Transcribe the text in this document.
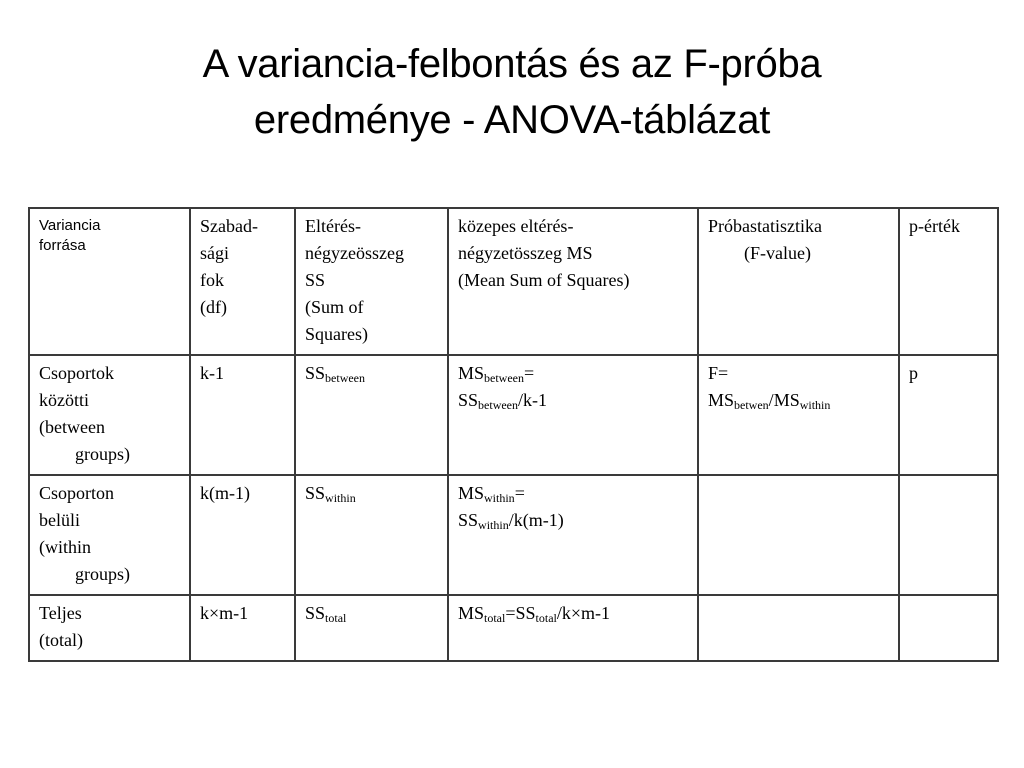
A variancia-felbontás és az F-próba
eredménye - ANOVA-táblázat
Variancia
forrása	Szabad-
sági
fok
(df)	Eltérés-
négyzeösszeg
SS
(Sum of
Squares)	közepes eltérés-
négyzetösszeg MS
(Mean Sum of Squares)	Próbastatisztika
(F-value)	p-érték

Csoportok
közötti
(between
groups)	k-1	$SS_{between}$	$MS_{between}=$
$SS_{between}/k-1$	F=
$MS_{betwen}/MS_{within}$	p

Csoporton
belüli
(within
groups)	k(m-1)	$SS_{within}$	$MS_{within}=$
$SS_{within}/k(m-1)$		

Teljes
(total)	k×m-1	$SS_{total}$	$MS_{total}=SS_{total}/k\times m-1$		
